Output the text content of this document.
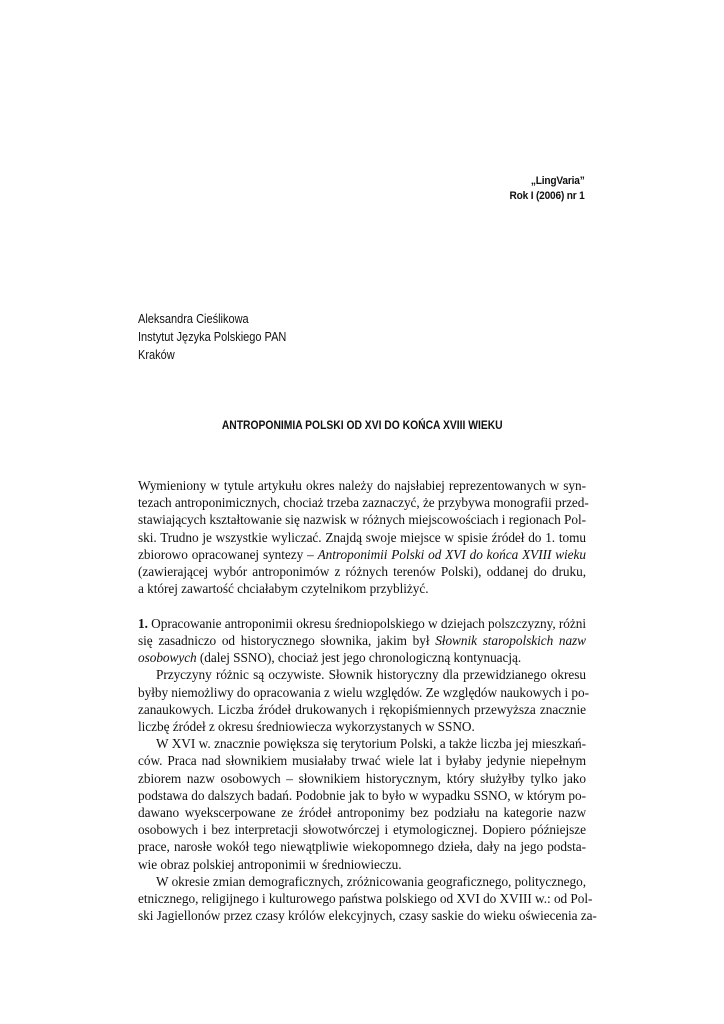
„LingVaria”
Rok I (2006) nr 1
Aleksandra Cieślikowa
Instytut Języka Polskiego PAN
Kraków
ANTROPONIMIA POLSKI OD XVI DO KOŃCA XVIII WIEKU
Wymieniony w tytule artykułu okres należy do najsłabiej reprezentowanych w syn-
tezach antroponimicznych, chociaż trzeba zaznaczyć, że przybywa monografii przed-
stawiających kształtowanie się nazwisk w różnych miejscowościach i regionach Pol-
ski. Trudno je wszystkie wyliczać. Znajdą swoje miejsce w spisie źródeł do 1. tomu
zbiorowo opracowanej syntezy – Antroponimii Polski od XVI do końca XVIII wieku
(zawierającej wybór antroponimów z różnych terenów Polski), oddanej do druku,
a której zawartość chciałabym czytelnikom przybliżyć.
1. Opracowanie antroponimii okresu średniopolskiego w dziejach polszczyzny, różni
się zasadniczo od historycznego słownika, jakim był Słownik staropolskich nazw
osobowych (dalej SSNO), chociaż jest jego chronologiczną kontynuacją.
Przyczyny różnic są oczywiste. Słownik historyczny dla przewidzianego okresu
byłby niemożliwy do opracowania z wielu względów. Ze względów naukowych i po-
zanaukowych. Liczba źródeł drukowanych i rękopiśmiennych przewyższa znacznie
liczbę źródeł z okresu średniowiecza wykorzystanych w SSNO.
W XVI w. znacznie powiększa się terytorium Polski, a także liczba jej mieszkań-
ców. Praca nad słownikiem musiałaby trwać wiele lat i byłaby jedynie niepełnym
zbiorem nazw osobowych – słownikiem historycznym, który służyłby tylko jako
podstawa do dalszych badań. Podobnie jak to było w wypadku SSNO, w którym po-
dawano wyekscerpowane ze źródeł antroponimy bez podziału na kategorie nazw
osobowych i bez interpretacji słowotwórczej i etymologicznej. Dopiero późniejsze
prace, narosłe wokół tego niewątpliwie wiekopomnego dzieła, dały na jego podsta-
wie obraz polskiej antroponimii w średniowieczu.
W okresie zmian demograficznych, zróżnicowania geograficznego, politycznego,
etnicznego, religijnego i kulturowego państwa polskiego od XVI do XVIII w.: od Pol-
ski Jagiellonów przez czasy królów elekcyjnych, czasy saskie do wieku oświecenia za-
